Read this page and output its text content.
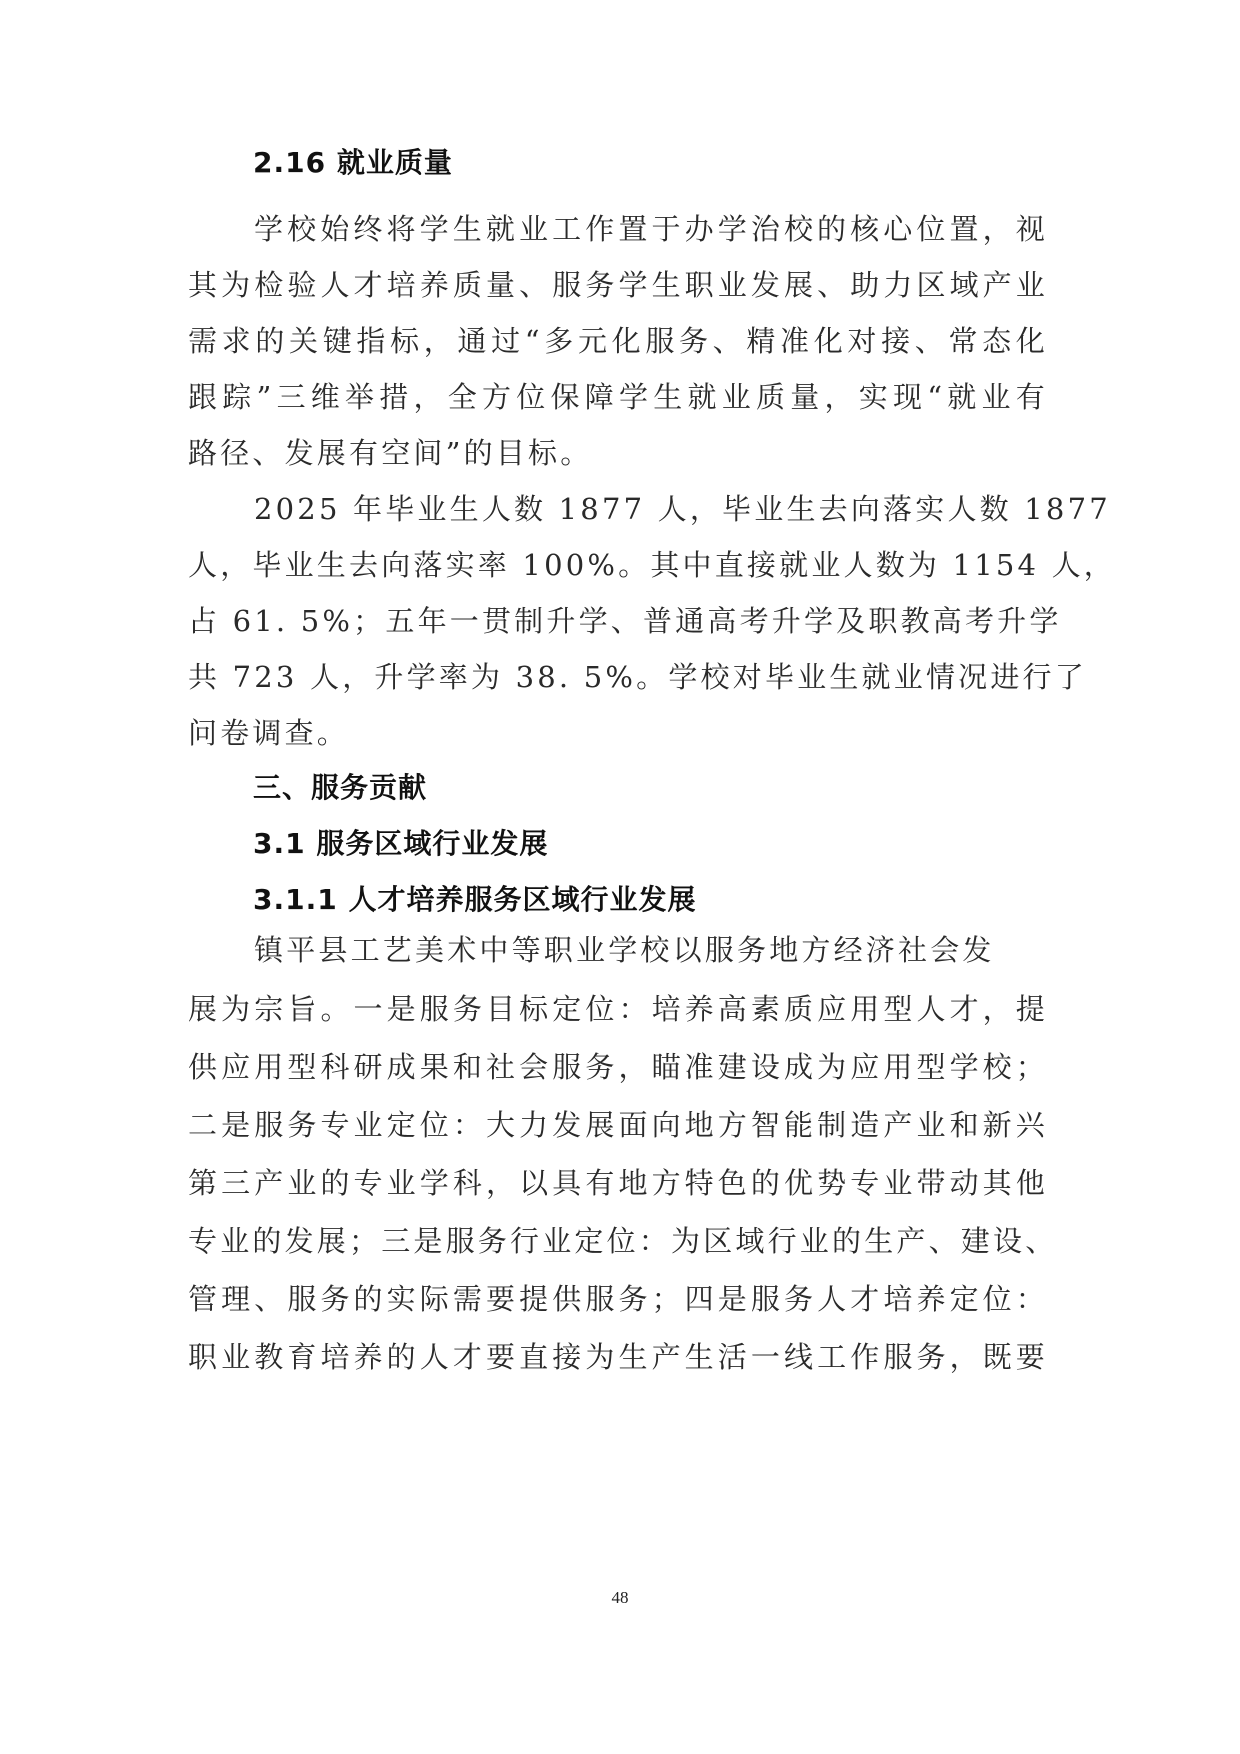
2.16 就业质量
学校始终将学生就业工作置于办学治校的核心位置，视
其为检验人才培养质量、服务学生职业发展、助力区域产业
需求的关键指标，通过“多元化服务、精准化对接、常态化
跟踪”三维举措，全方位保障学生就业质量，实现“就业有
路径、发展有空间”的目标。
2025 年毕业生人数 1877 人，毕业生去向落实人数 1877
人，毕业生去向落实率 100%。其中直接就业人数为 1154 人，
占 61. 5%；五年一贯制升学、普通高考升学及职教高考升学
共 723 人，升学率为 38. 5%。学校对毕业生就业情况进行了
问卷调查。
三、服务贡献
3.1 服务区域行业发展
3.1.1 人才培养服务区域行业发展
镇平县工艺美术中等职业学校以服务地方经济社会发
展为宗旨。一是服务目标定位：培养高素质应用型人才，提
供应用型科研成果和社会服务，瞄准建设成为应用型学校；
二是服务专业定位：大力发展面向地方智能制造产业和新兴
第三产业的专业学科，以具有地方特色的优势专业带动其他
专业的发展；三是服务行业定位：为区域行业的生产、建设、
管理、服务的实际需要提供服务；四是服务人才培养定位：
职业教育培养的人才要直接为生产生活一线工作服务，既要
48
